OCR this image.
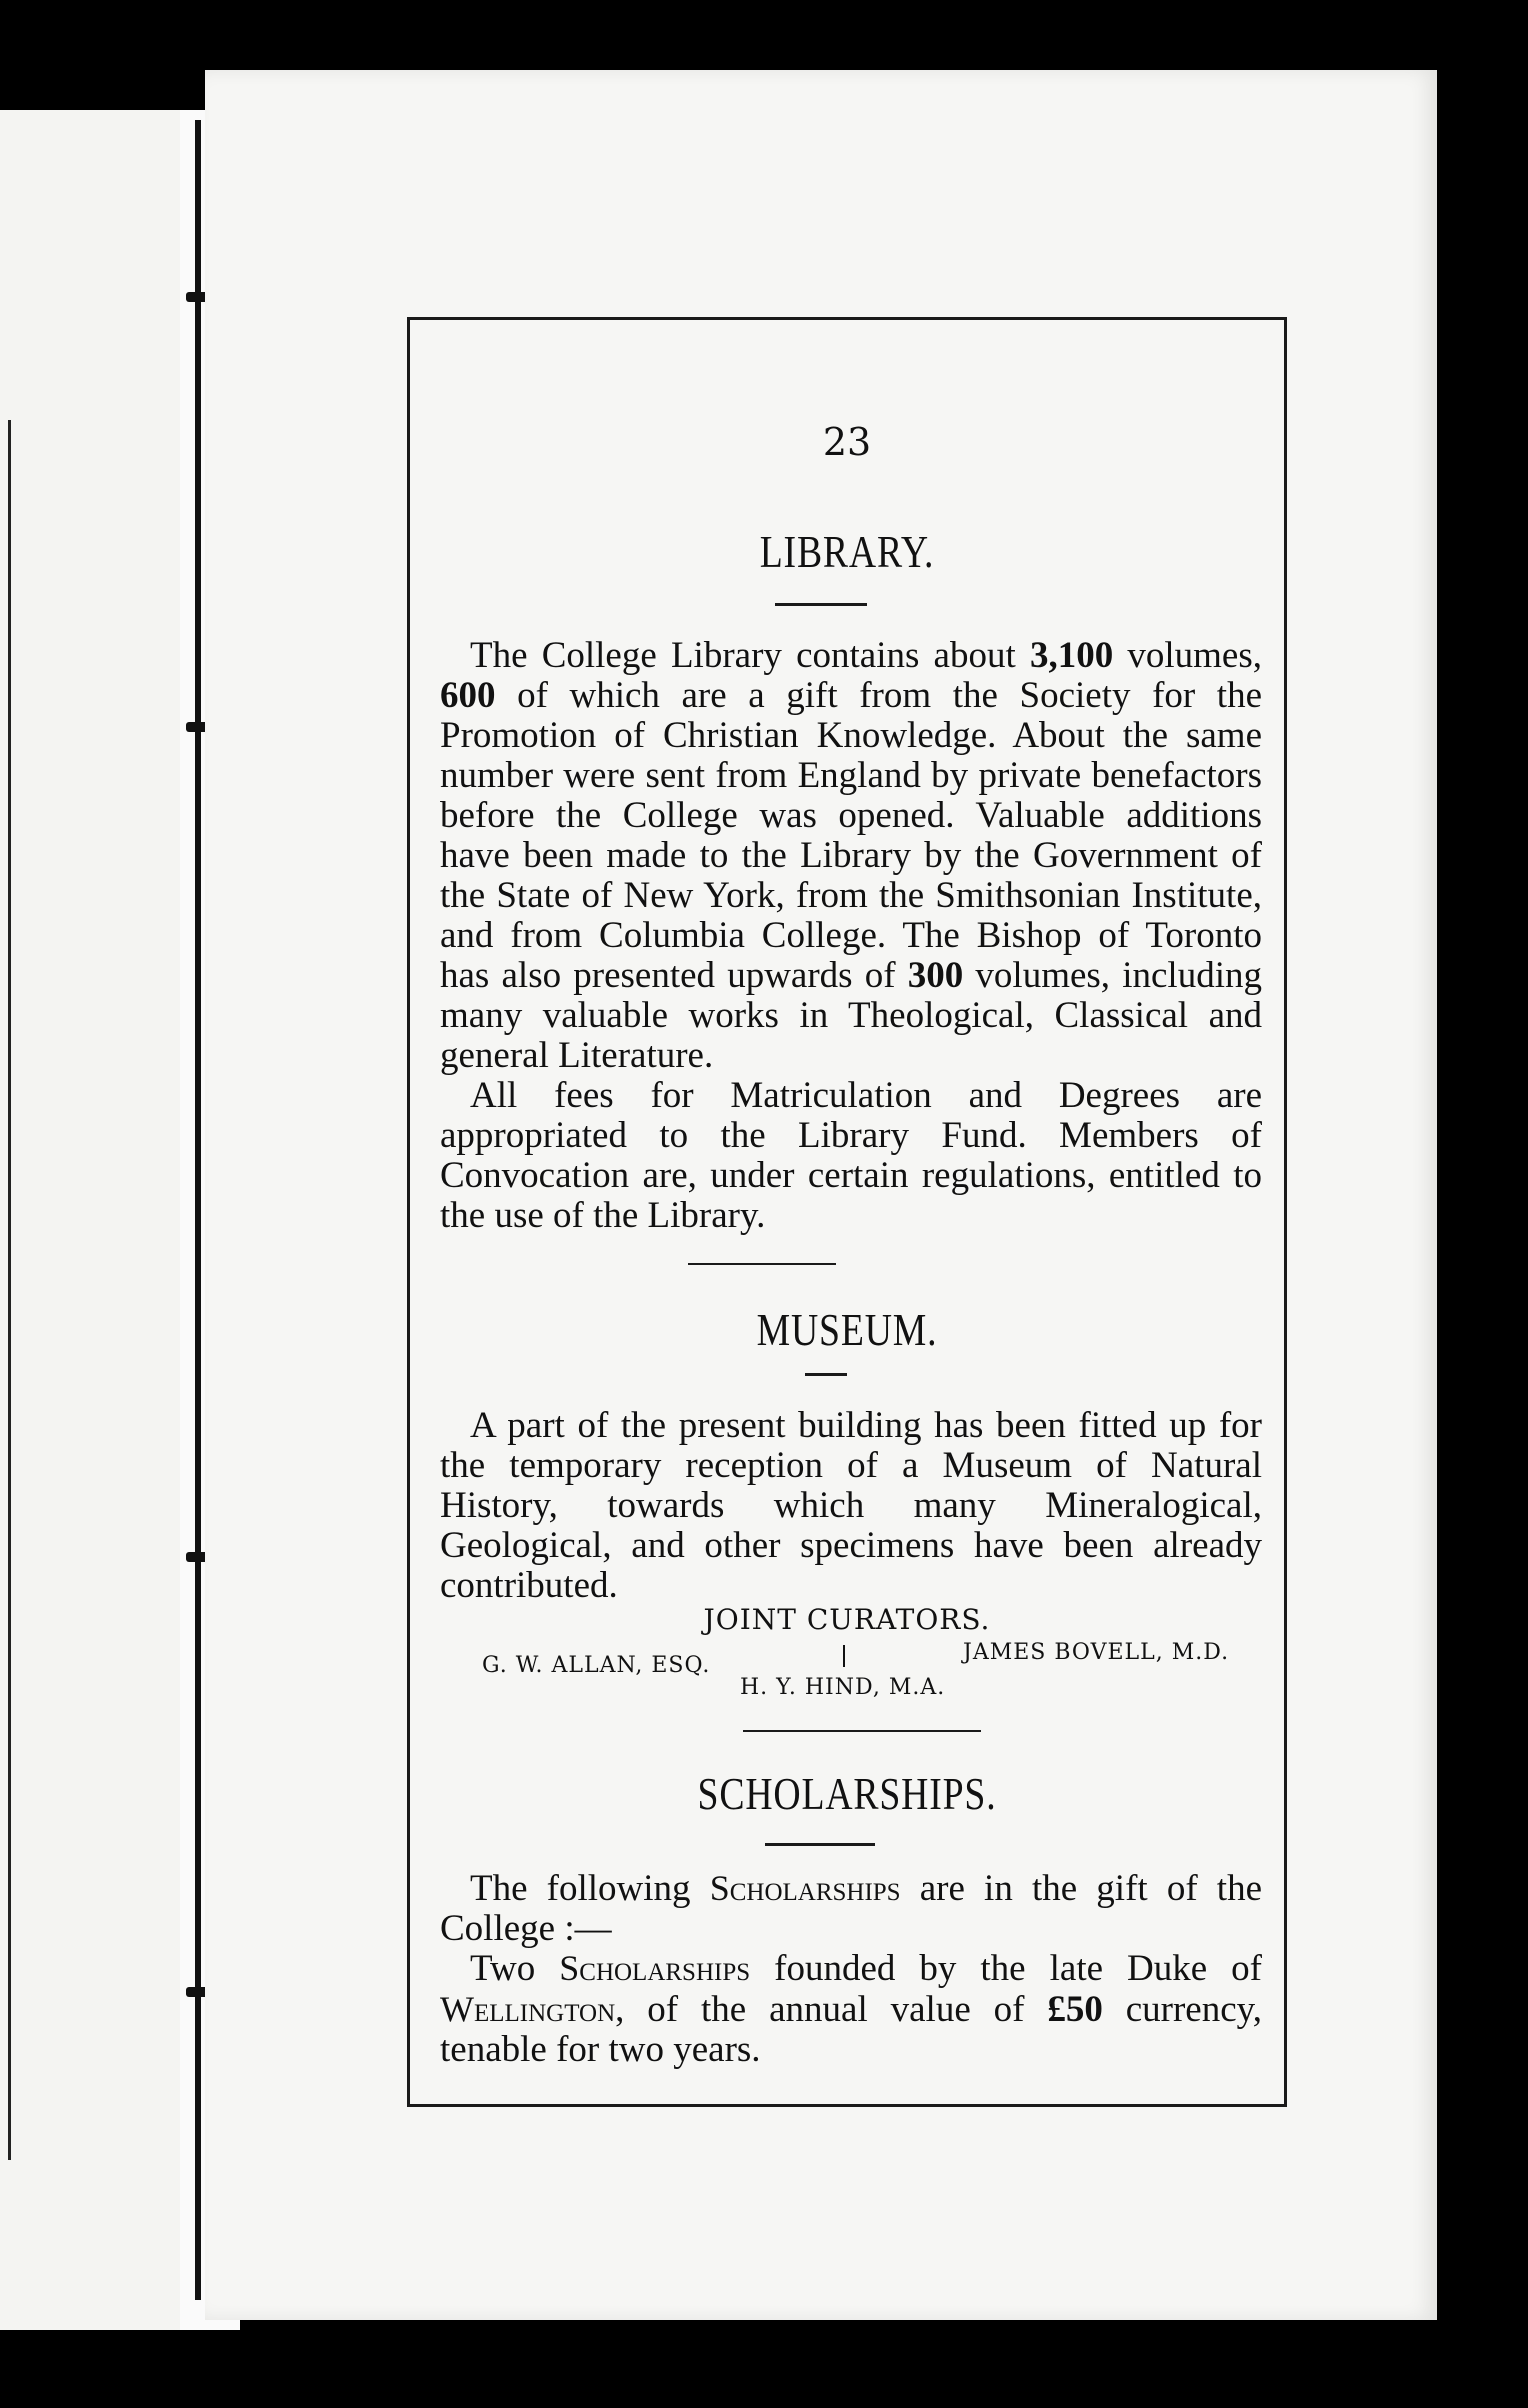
23
LIBRARY.

The College Library contains about 3,100 volumes, 600 of which are a gift from the Society for the Promotion of Christian Knowledge. About the same number were sent from England by private benefactors before the College was opened. Valuable additions have been made to the Library by the Government of the State of New York, from the Smithsonian Institute, and from Columbia College. The Bishop of Toronto has also presented upwards of 300 volumes, including many valuable works in Theological, Classical and general Literature.

All fees for Matriculation and Degrees are appropriated to the Library Fund. Members of Convocation are, under certain regulations, entitled to the use of the Library.

MUSEUM.

A part of the present building has been fitted up for the temporary reception of a Museum of Natural History, towards which many Mineralogical, Geological, and other specimens have been already contributed.

JOINT CURATORS.
G. W. ALLAN, ESQ.
H. Y. HIND, M.A.
JAMES BOVELL, M.D.
SCHOLARSHIPS.

The following Scholarships are in the gift of the College :—

Two Scholarships founded by the late Duke of Wellington, of the annual value of £50 currency, tenable for two years.
